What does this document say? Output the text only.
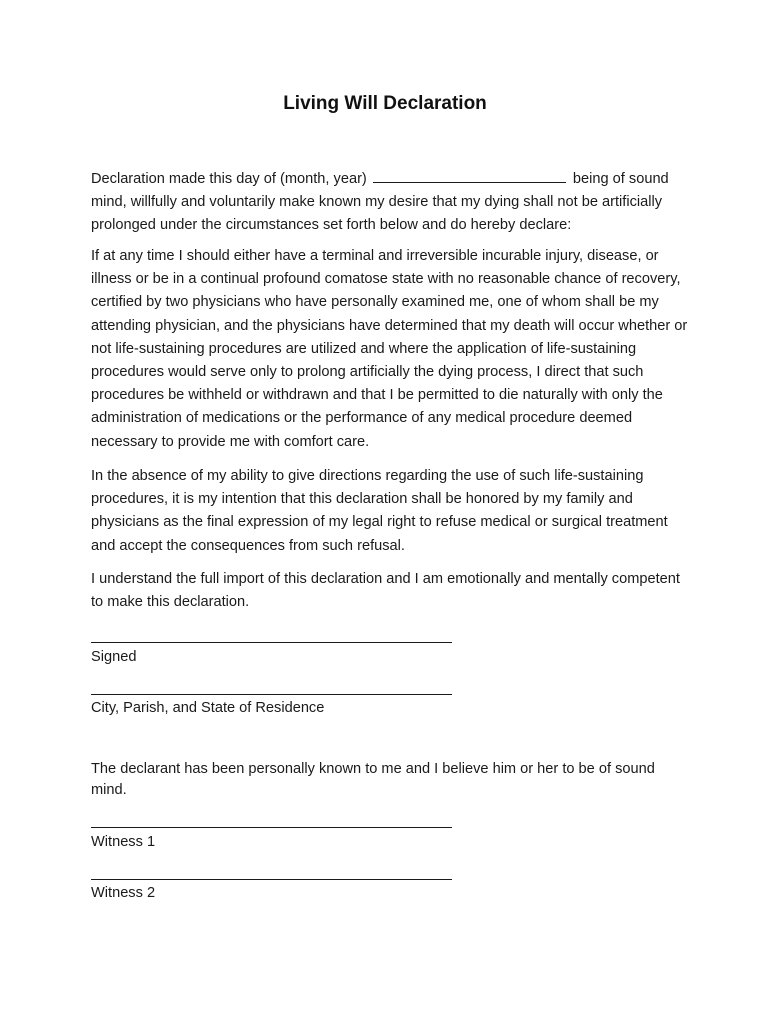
Living Will Declaration

Declaration made this day of (month, year)	being of sound mind, willfully and voluntarily make known my desire that my dying shall not be artificially prolonged under the circumstances set forth below and do hereby declare:

If at any time I should either have a terminal and irreversible incurable injury, disease, or illness or be in a continual profound comatose state with no reasonable chance of recovery, certified by two physicians who have personally examined me, one of whom shall be my attending physician, and the physicians have determined that my death will occur whether or not life-sustaining procedures are utilized and where the application of life-sustaining procedures would serve only to prolong artificially the dying process, I direct that such procedures be withheld or withdrawn and that I be permitted to die naturally with only the administration of medications or the performance of any medical procedure deemed necessary to provide me with comfort care.

In the absence of my ability to give directions regarding the use of such life-sustaining procedures, it is my intention that this declaration shall be honored by my family and physicians as the final expression of my legal right to refuse medical or surgical treatment and accept the consequences from such refusal.

I understand the full import of this declaration and I am emotionally and mentally competent to make this declaration.

Signed
City, Parish, and State of Residence

The declarant has been personally known to me and I believe him or her to be of sound mind.

Witness 1
Witness 2
